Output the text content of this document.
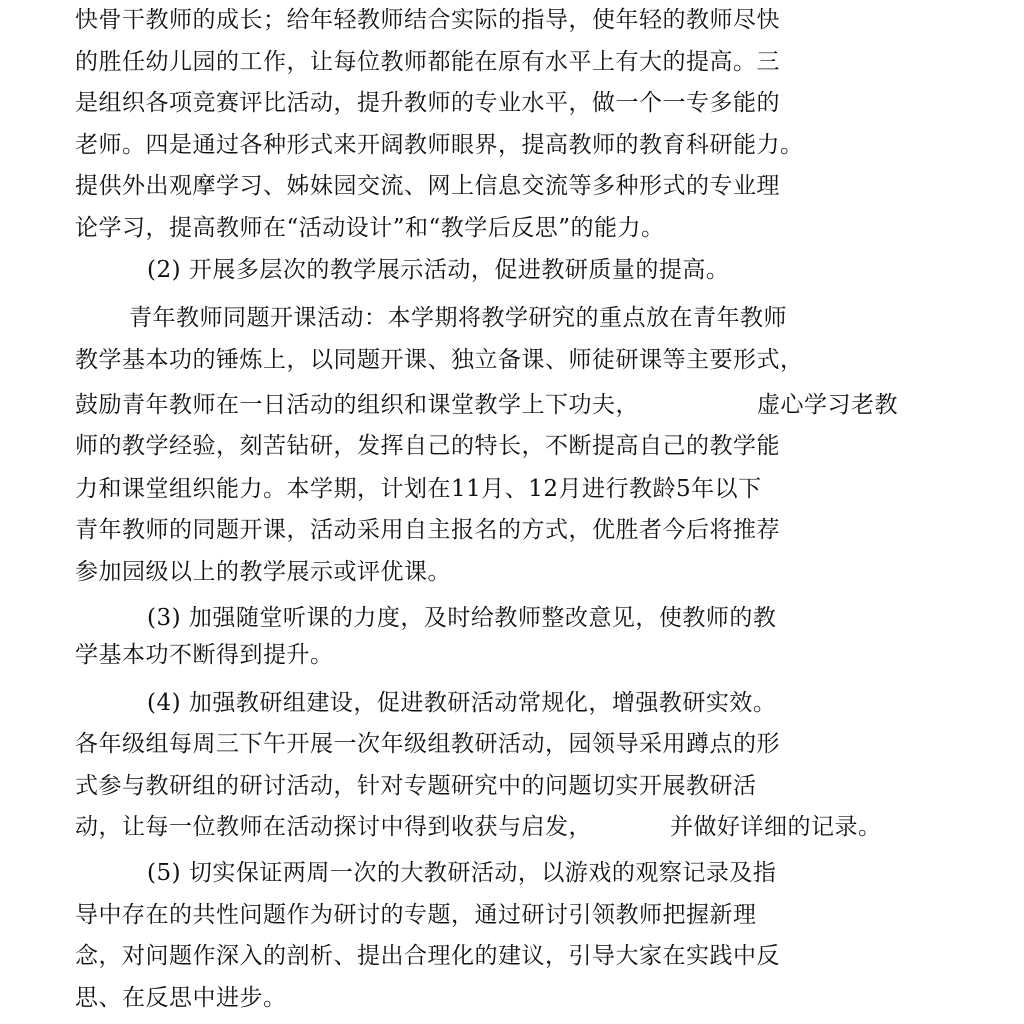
快骨干教师的成长；给年轻教师结合实际的指导，使年轻的教师尽快
的胜任幼儿园的工作，让每位教师都能在原有水平上有大的提高。三
是组织各项竞赛评比活动，提升教师的专业水平，做一个一专多能的
老师。四是通过各种形式来开阔教师眼界，提高教师的教育科研能力。
提供外出观摩学习、姊妹园交流、网上信息交流等多种形式的专业理
论学习，提高教师在“活动设计”和“教学后反思”的能力。
(2) 开展多层次的教学展示活动，促进教研质量的提高。
青年教师同题开课活动：本学期将教学研究的重点放在青年教师
教学基本功的锤炼上，以同题开课、独立备课、师徒研课等主要形式，
鼓励青年教师在一日活动的组织和课堂教学上下功夫，	虚心学习老教
师的教学经验，刻苦钻研，发挥自己的特长，不断提高自己的教学能
力和课堂组织能力。本学期，计划在11月、12月进行教龄5年以下
青年教师的同题开课，活动采用自主报名的方式，优胜者今后将推荐
参加园级以上的教学展示或评优课。
(3) 加强随堂听课的力度，及时给教师整改意见，使教师的教
学基本功不断得到提升。
(4) 加强教研组建设，促进教研活动常规化，增强教研实效。
各年级组每周三下午开展一次年级组教研活动，园领导采用蹲点的形
式参与教研组的研讨活动，针对专题研究中的问题切实开展教研活
动，让每一位教师在活动探讨中得到收获与启发，	并做好详细的记录。
(5) 切实保证两周一次的大教研活动，以游戏的观察记录及指
导中存在的共性问题作为研讨的专题，通过研讨引领教师把握新理
念，对问题作深入的剖析、提出合理化的建议，引导大家在实践中反
思、在反思中进步。
